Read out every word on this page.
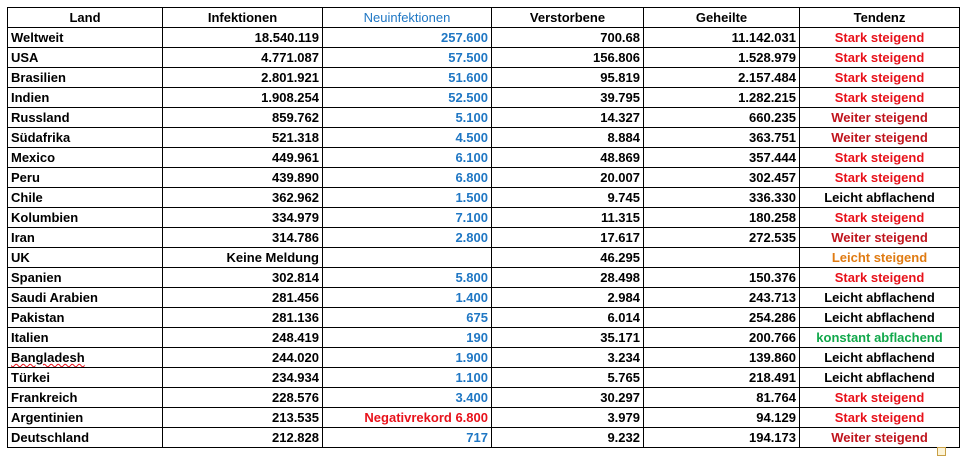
Land	Infektionen	Neuinfektionen	Verstorbene	Geheilte	Tendenz
Weltweit	18.540.119	257.600	700.68	11.142.031	Stark steigend
USA	4.771.087	57.500	156.806	1.528.979	Stark steigend
Brasilien	2.801.921	51.600	95.819	2.157.484	Stark steigend
Indien	1.908.254	52.500	39.795	1.282.215	Stark steigend
Russland	859.762	5.100	14.327	660.235	Weiter steigend
Südafrika	521.318	4.500	8.884	363.751	Weiter steigend
Mexico	449.961	6.100	48.869	357.444	Stark steigend
Peru	439.890	6.800	20.007	302.457	Stark steigend
Chile	362.962	1.500	9.745	336.330	Leicht abflachend
Kolumbien	334.979	7.100	11.315	180.258	Stark steigend
Iran	314.786	2.800	17.617	272.535	Weiter steigend
UK	Keine Meldung		46.295		Leicht steigend
Spanien	302.814	5.800	28.498	150.376	Stark steigend
Saudi Arabien	281.456	1.400	2.984	243.713	Leicht abflachend
Pakistan	281.136	675	6.014	254.286	Leicht abflachend
Italien	248.419	190	35.171	200.766	konstant abflachend
Bangladesh	244.020	1.900	3.234	139.860	Leicht abflachend
Türkei	234.934	1.100	5.765	218.491	Leicht abflachend
Frankreich	228.576	3.400	30.297	81.764	Stark steigend
Argentinien	213.535	Negativrekord 6.800	3.979	94.129	Stark steigend
Deutschland	212.828	717	9.232	194.173	Weiter steigend
